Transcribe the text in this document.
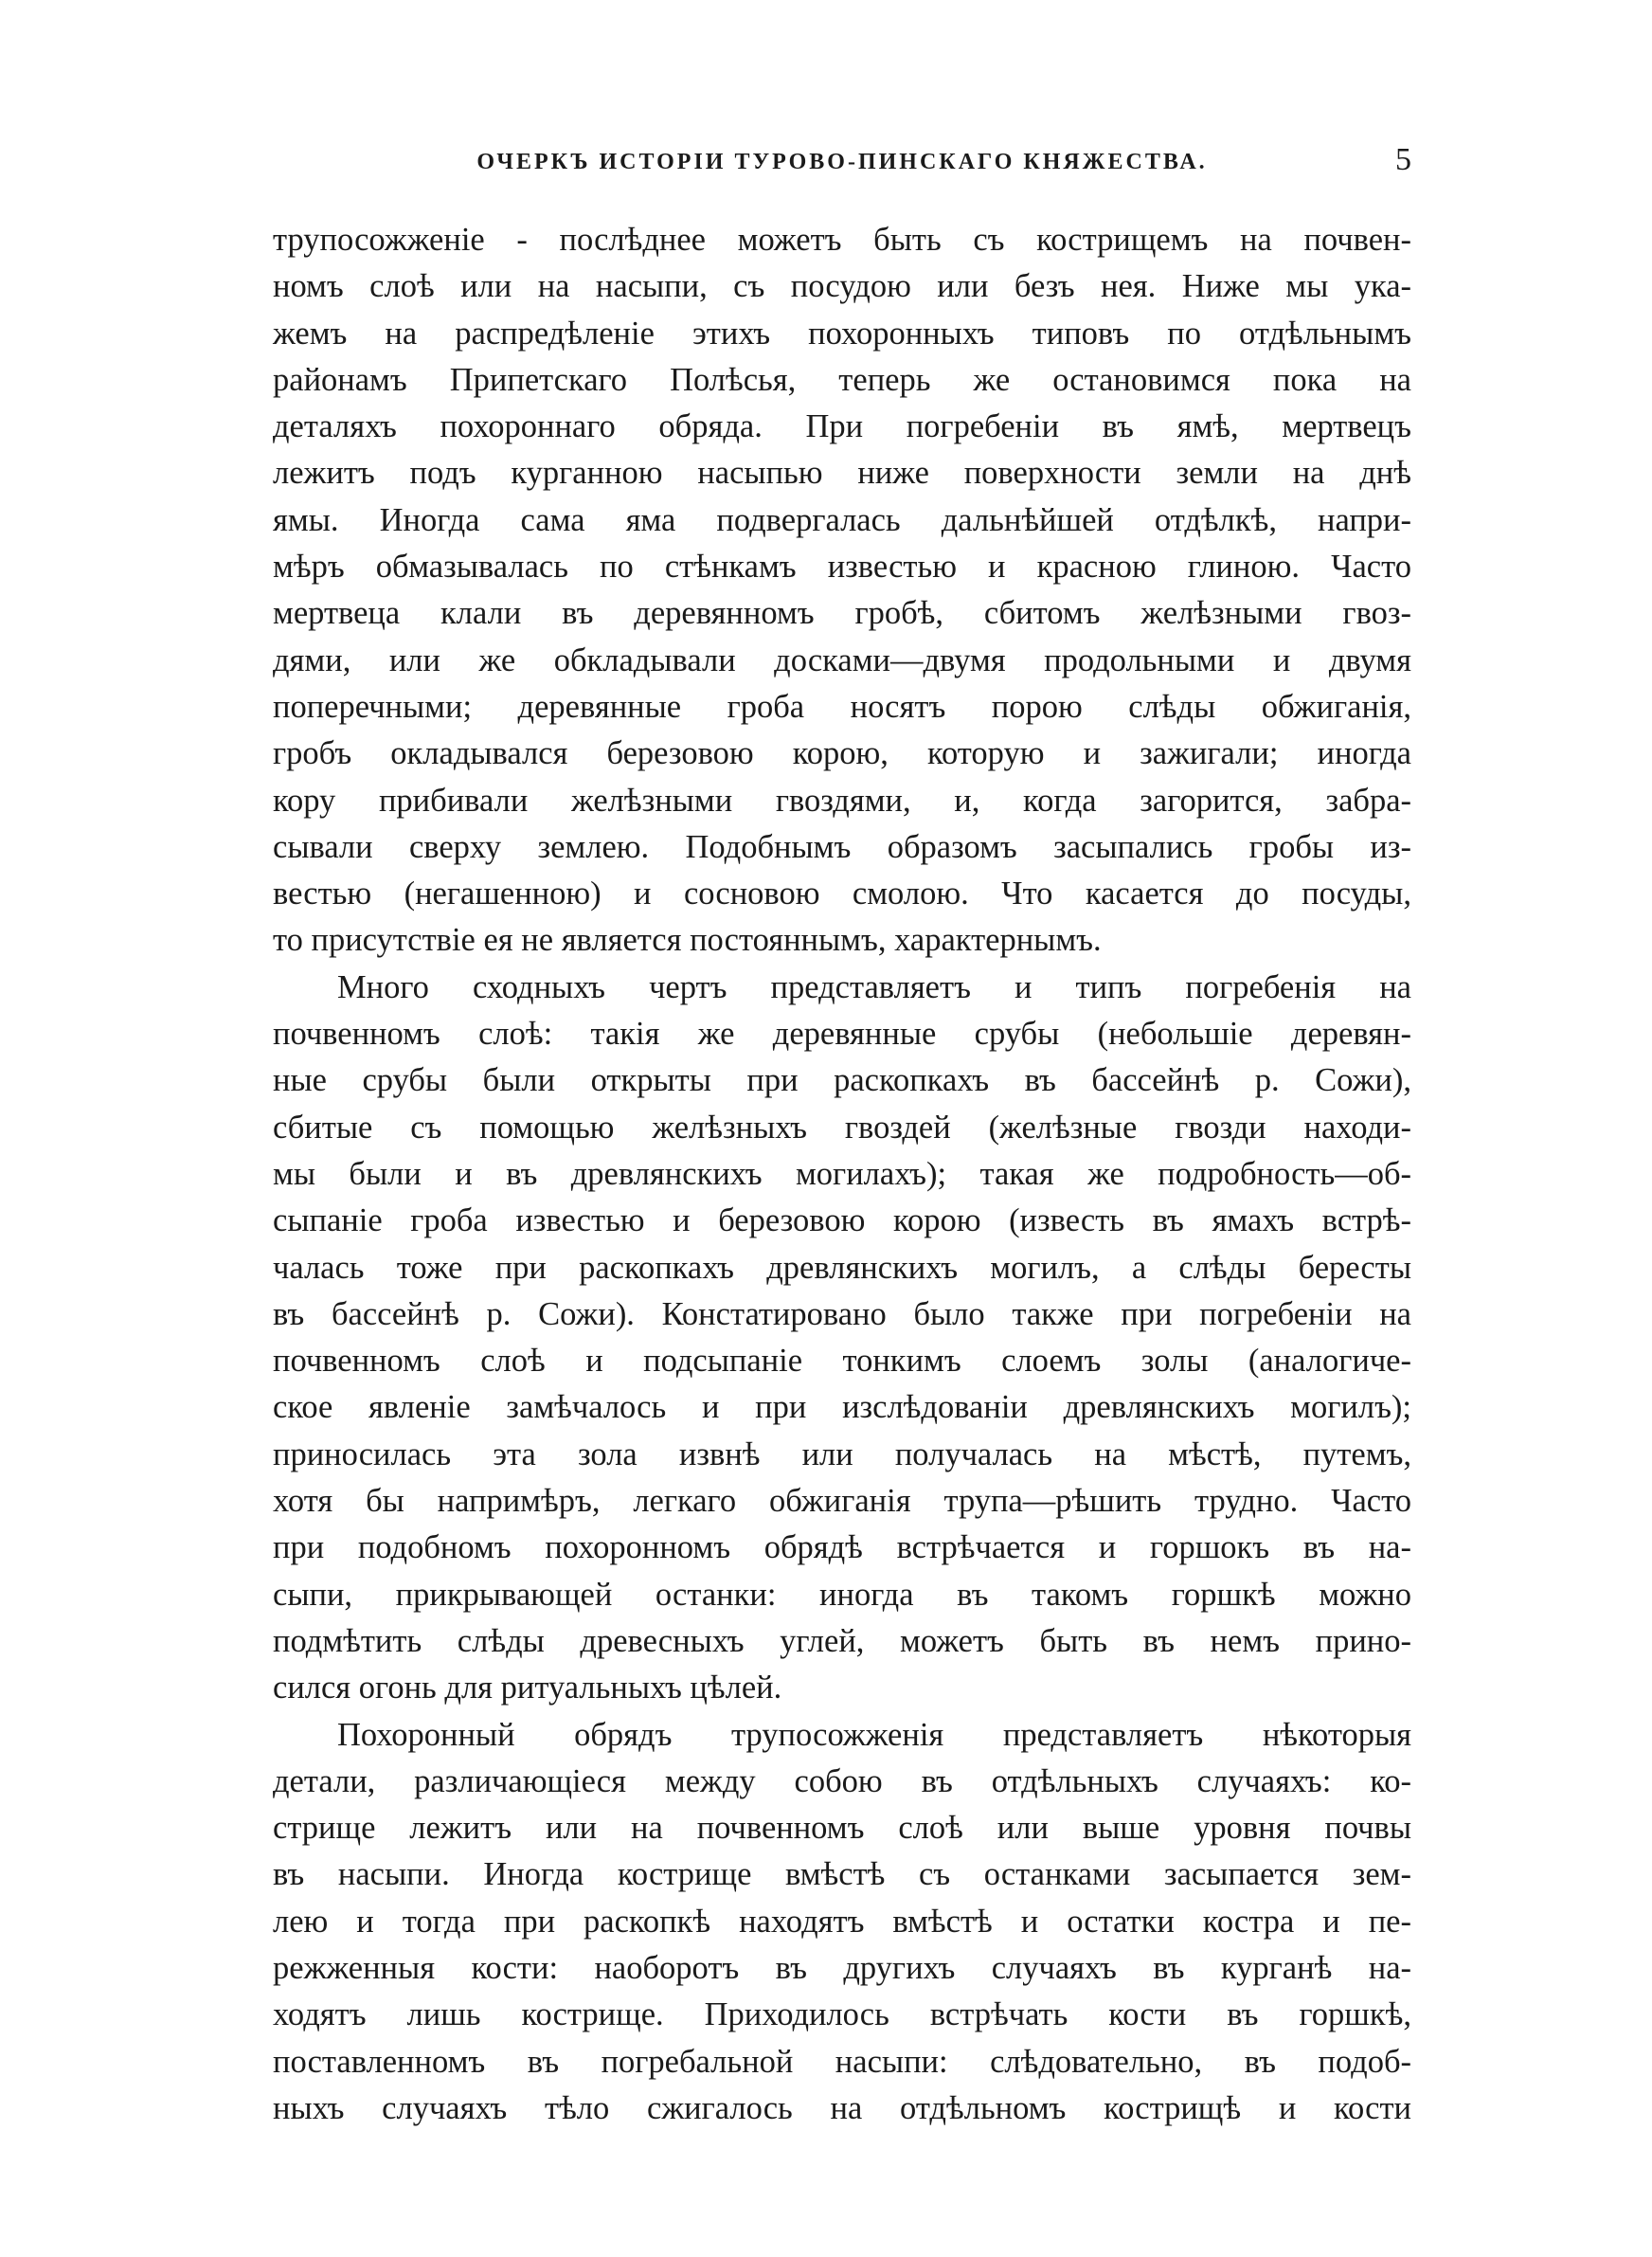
ОЧЕРКЪ ИСТОРІИ ТУРОВО-ПИНСКАГО КНЯЖЕСТВА.	5
трупосожженіе - послѣднее можетъ быть съ кострищемъ на почвен-
номъ слоѣ или на насыпи, съ посудою или безъ нея. Ниже мы ука-
жемъ на распредѣленіе этихъ похоронныхъ типовъ по отдѣльнымъ
районамъ Припетскаго Полѣсья, теперь же остановимся пока на
деталяхъ похороннаго обряда. При погребеніи въ ямѣ, мертвецъ
лежитъ подъ курганною насыпью ниже поверхности земли на днѣ
ямы. Иногда сама яма подвергалась дальнѣйшей отдѣлкѣ, напри-
мѣръ обмазывалась по стѣнкамъ известью и красною глиною. Часто
мертвеца клали въ деревянномъ гробѣ, сбитомъ желѣзными гвоз-
дями, или же обкладывали досками—двумя продольными и двумя
поперечными; деревянные гроба носятъ порою слѣды обжиганія,
гробъ окладывался березовою корою, которую и зажигали; иногда
кору прибивали желѣзными гвоздями, и, когда загорится, забра-
сывали сверху землею. Подобнымъ образомъ засыпались гробы из-
вестью (негашенною) и сосновою смолою. Что касается до посуды,
то присутствіе ея не является постояннымъ, характернымъ.
Много сходныхъ чертъ представляетъ и типъ погребенія на
почвенномъ слоѣ: такія же деревянные срубы (небольшіе деревян-
ные срубы были открыты при раскопкахъ въ бассейнѣ р. Сожи),
сбитые съ помощью желѣзныхъ гвоздей (желѣзные гвозди находи-
мы были и въ древлянскихъ могилахъ); такая же подробность—об-
сыпаніе гроба известью и березовою корою (известь въ ямахъ встрѣ-
чалась тоже при раскопкахъ древлянскихъ могилъ, а слѣды бересты
въ бассейнѣ р. Сожи). Констатировано было также при погребеніи на
почвенномъ слоѣ и подсыпаніе тонкимъ слоемъ золы (аналогиче-
ское явленіе замѣчалось и при изслѣдованіи древлянскихъ могилъ);
приносилась эта зола извнѣ или получалась на мѣстѣ, путемъ,
хотя бы напримѣръ, легкаго обжиганія трупа—рѣшить трудно. Часто
при подобномъ похоронномъ обрядѣ встрѣчается и горшокъ въ на-
сыпи, прикрывающей останки: иногда въ такомъ горшкѣ можно
подмѣтить слѣды древесныхъ углей, можетъ быть въ немъ прино-
сился огонь для ритуальныхъ цѣлей.
Похоронный обрядъ трупосожженія представляетъ нѣкоторыя
детали, различающіеся между собою въ отдѣльныхъ случаяхъ: ко-
стрище лежитъ или на почвенномъ слоѣ или выше уровня почвы
въ насыпи. Иногда кострище вмѣстѣ съ останками засыпается зем-
лею и тогда при раскопкѣ находятъ вмѣстѣ и остатки костра и пе-
режженныя кости: наоборотъ въ другихъ случаяхъ въ курганѣ на-
ходятъ лишь кострище. Приходилось встрѣчать кости въ горшкѣ,
поставленномъ въ погребальной насыпи: слѣдовательно, въ подоб-
ныхъ случаяхъ тѣло сжигалось на отдѣльномъ кострищѣ и кости
